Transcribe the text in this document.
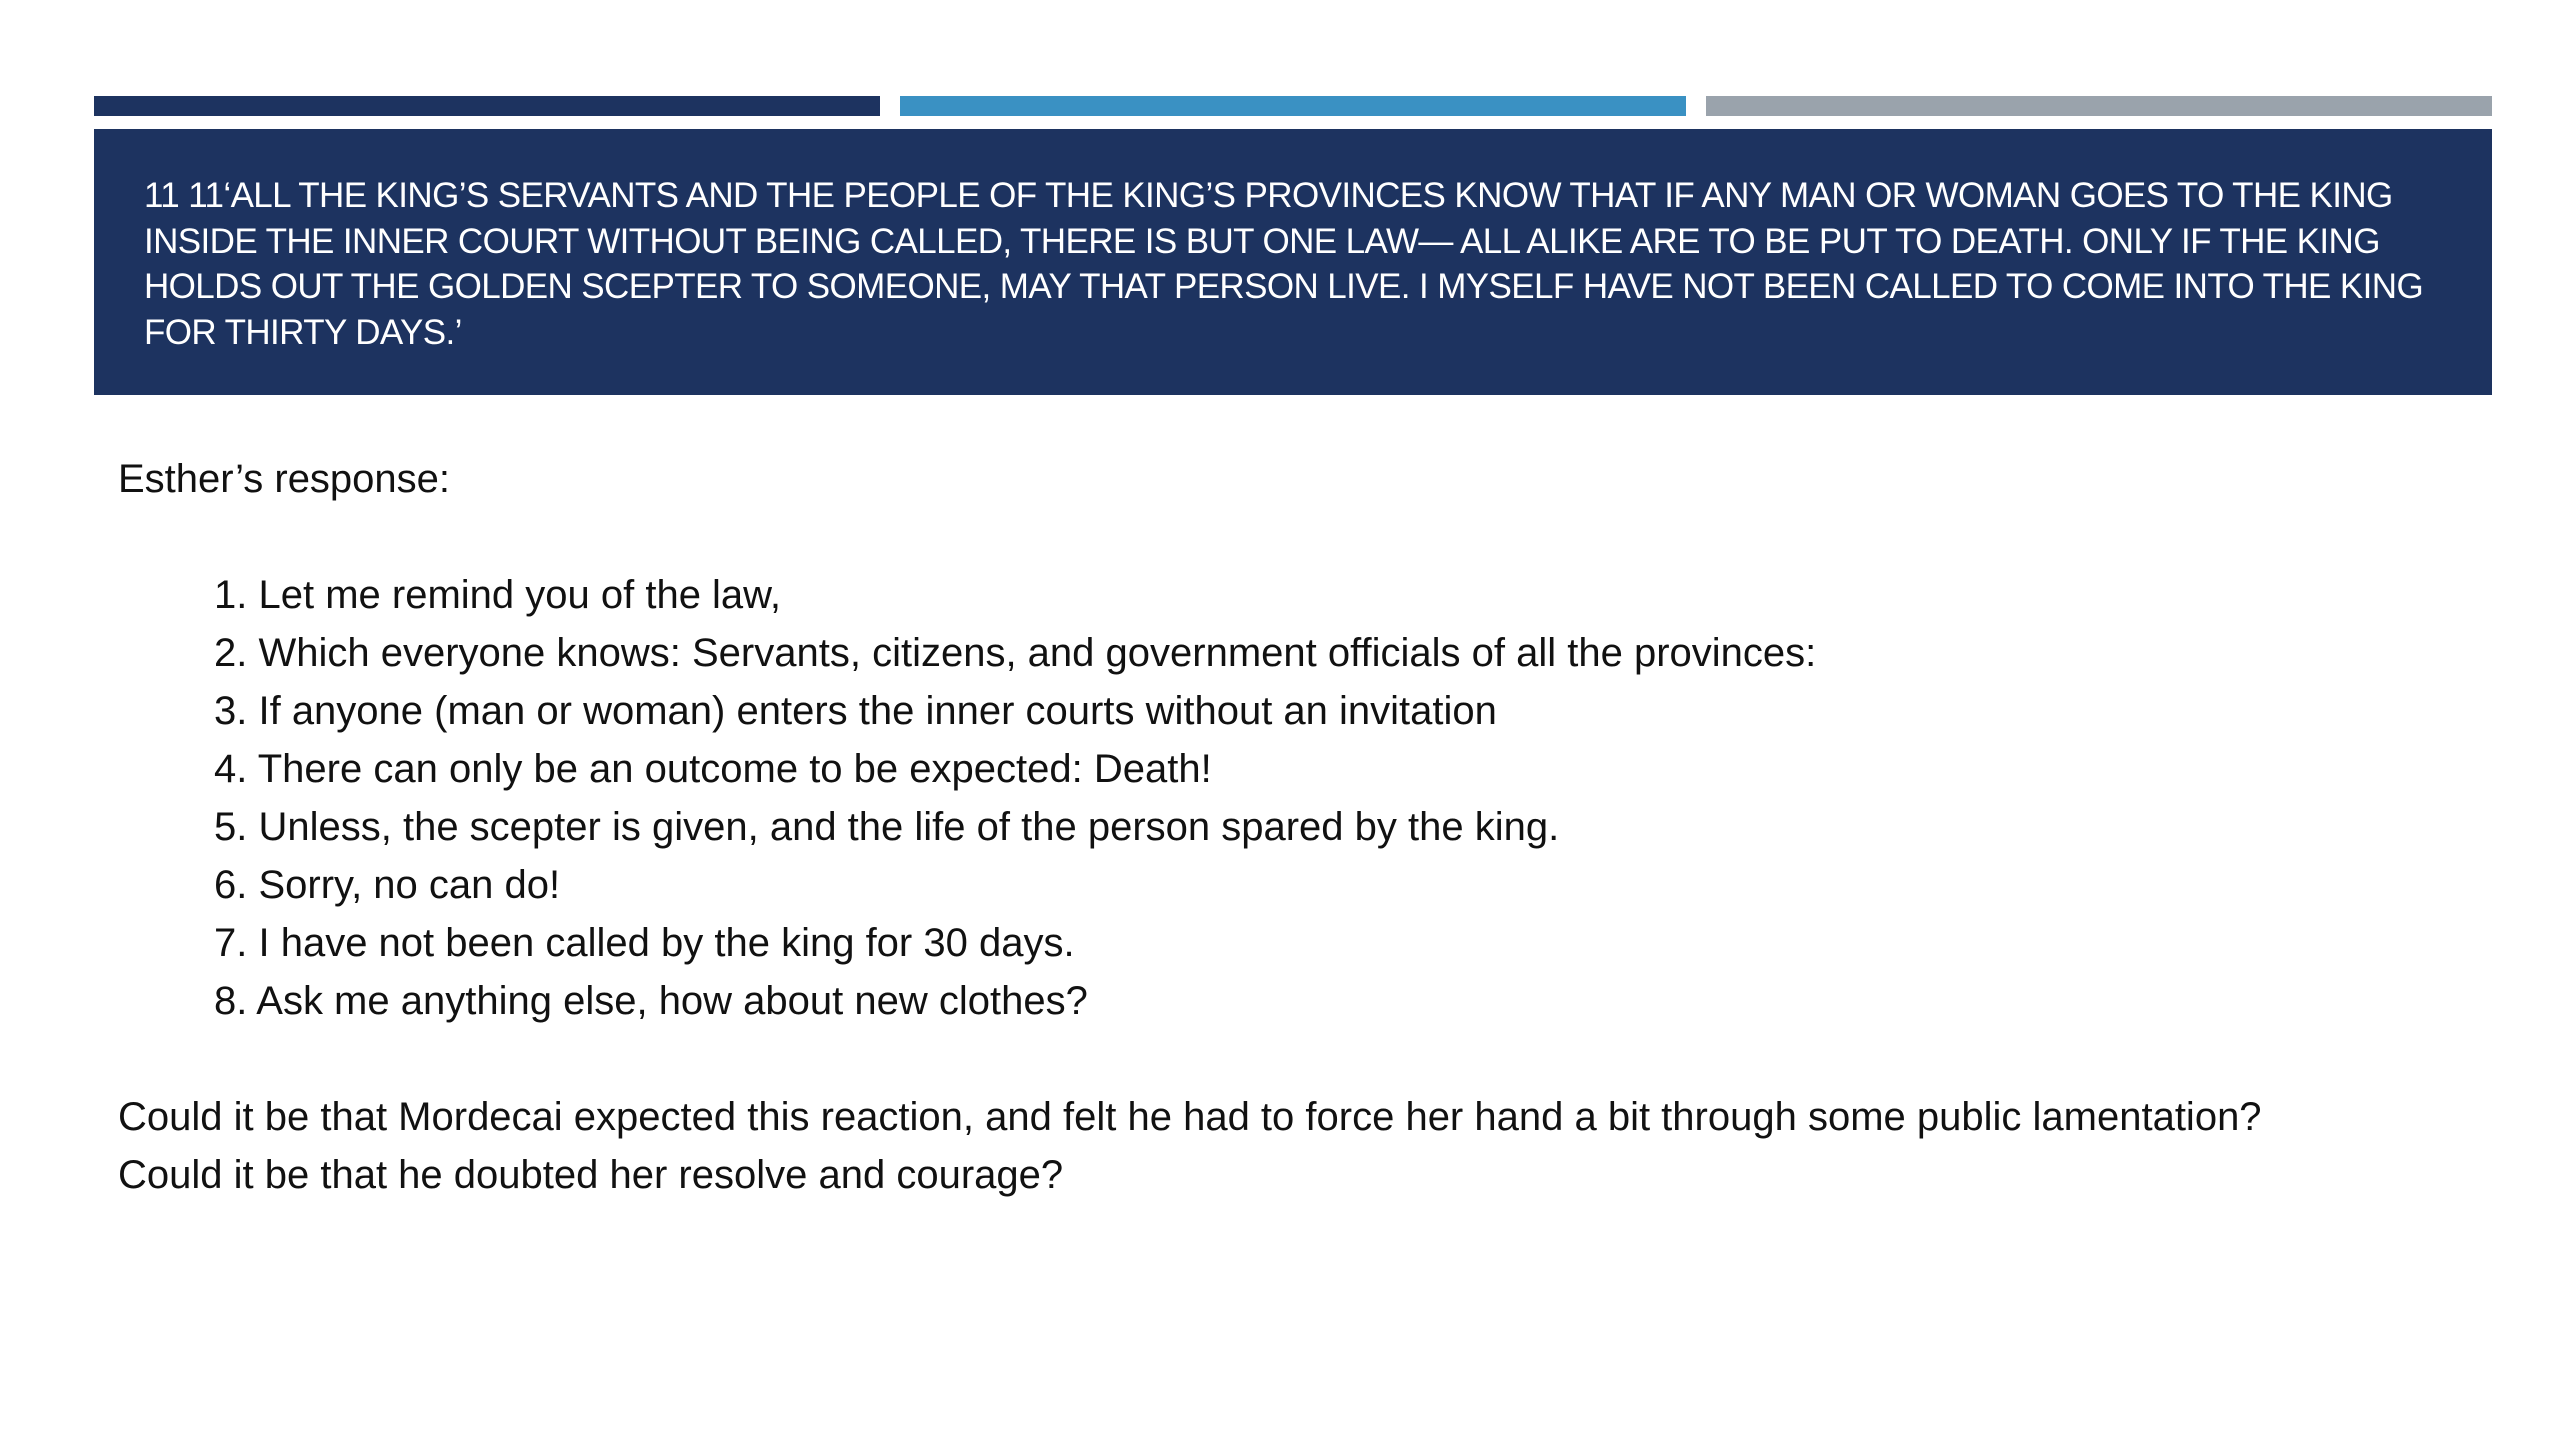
11 11‘ALL THE KING’S SERVANTS AND THE PEOPLE OF THE KING’S PROVINCES KNOW THAT IF ANY MAN OR WOMAN GOES TO THE KING INSIDE THE INNER COURT WITHOUT BEING CALLED, THERE IS BUT ONE LAW— ALL ALIKE ARE TO BE PUT TO DEATH. ONLY IF THE KING HOLDS OUT THE GOLDEN SCEPTER TO SOMEONE, MAY THAT PERSON LIVE. I MYSELF HAVE NOT BEEN CALLED TO COME INTO THE KING FOR THIRTY DAYS.’

Esther’s response:

1. Let me remind you of the law,
2. Which everyone knows: Servants, citizens, and government officials of all the provinces:
3. If anyone (man or woman) enters the inner courts without an invitation
4. There can only be an outcome to be expected: Death!
5. Unless, the scepter is given, and the life of the person spared by the king.
6. Sorry, no can do!
7. I have not been called by the king for 30 days.
8. Ask me anything else, how about new clothes?

Could it be that Mordecai expected this reaction, and felt he had to force her hand a bit through some public lamentation?
Could it be that he doubted her resolve and courage?
